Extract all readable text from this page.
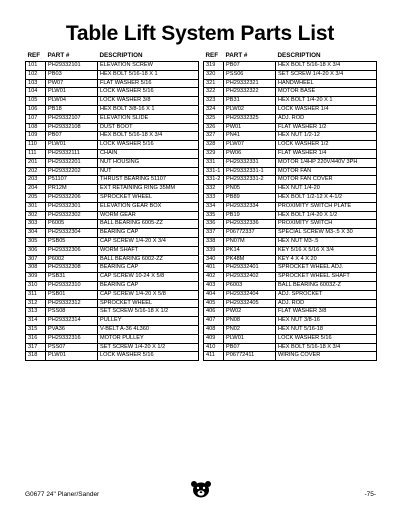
Table Lift System Parts List
REF	PART #	DESCRIPTION
101	PH29332101	ELEVATION SCREW
102	PB03	HEX BOLT 5/16-18 X 1
103	PW07	FLAT WASHER 5/16
104	PLW01	LOCK WASHER 5/16
105	PLW04	LOCK WASHER 3/8
106	PB18	HEX BOLT 3/8-16 X 1
107	PH29332107	ELEVATION SLIDE
108	PH29332108	DUST BOOT
109	PB07	HEX BOLT 5/16-18 X 3/4
110	PLW01	LOCK WASHER 5/16
111	PH29332111	CHAIN
201	PH29332201	NUT HOUSING
202	PH29332202	NUT
203	P51107	THRUST BEARING 51107
204	PR12M	EXT RETAINING RING 35MM
205	PH29332206	SPROCKET WHEEL
301	PH29332301	ELEVATION GEAR BOX
302	PH29332302	WORM GEAR
303	P6005	BALL BEARING 6005-ZZ
304	PH29332304	BEARING CAP
305	PSB05	CAP SCREW 1/4-20 X 3/4
306	PH29332306	WORM SHAFT
307	P6002	BALL BEARING 6002-ZZ
308	PH29332308	BEARING CAP
309	PSB31	CAP SCREW 10-24 X 5/8
310	PH29332310	BEARING CAP
311	PSB01	CAP SCREW 1/4-20 X 5/8
312	PH29332312	SPROCKET WHEEL
313	PSS08	SET SCREW 5/16-18 X 1/2
314	PH29332314	PULLEY
315	PVA36	V-BELT A-36 4L360
316	PH29332316	MOTOR PULLEY
317	PSS07	SET SCREW 1/4-20 X 1/2
318	PLW01	LOCK WASHER 5/16
REF	PART #	DESCRIPTION
319	PB07	HEX BOLT 5/16-18 X 3/4
320	PSS06	SET SCREW 1/4-20 X 3/4
321	PH29332321	HANDWHEEL
322	PH29332322	MOTOR BASE
323	PB31	HEX BOLT 1/4-20 X 1
324	PLW02	LOCK WASHER 1/4
325	PH29332325	ADJ. ROD
326	PW01	FLAT WASHER 1/2
327	PN41	HEX NUT 1/2-12
328	PLW07	LOCK WASHER 1/2
329	PW06	FLAT WASHER 1/4
331	PH29332331	MOTOR 1/4HP 220V/440V 3PH
331-1	PH29332331-1	MOTOR FAN
331-2	PH29332331-2	MOTOR FAN COVER
332	PN05	HEX NUT 1/4-20
333	PB89	HEX BOLT 1/2-12 X 4-1/2
334	PH29332334	PROXIMITY SWITCH PLATE
335	PB19	HEX BOLT 1/4-20 X 1/2
336	PH29332336	PROXIMITY SWITCH
337	P06772337	SPECIAL SCREW M3-.5 X 30
338	PN07M	HEX NUT M3-.5
339	PK14	KEY 5/16 X 5/16 X 3/4
340	PK48M	KEY 4 X 4 X 20
401	PH29332401	SPROCKET WHEEL ADJ.
402	PH29332402	SPROCKET WHEEL SHAFT
403	P6003	BALL BEARING 6003Z-Z
404	PH29332404	ADJ. SPROCKET
405	PH29332405	ADJ. ROD
406	PW02	FLAT WASHER 3/8
407	PN08	HEX NUT 3/8-16
408	PN02	HEX NUT 5/16-18
409	PLW01	LOCK WASHER 5/16
410	PB07	HEX BOLT 5/16-18 X 3/4
411	P06772411	WIRING COVER
G0677 24" Planer/Sander	-75-
